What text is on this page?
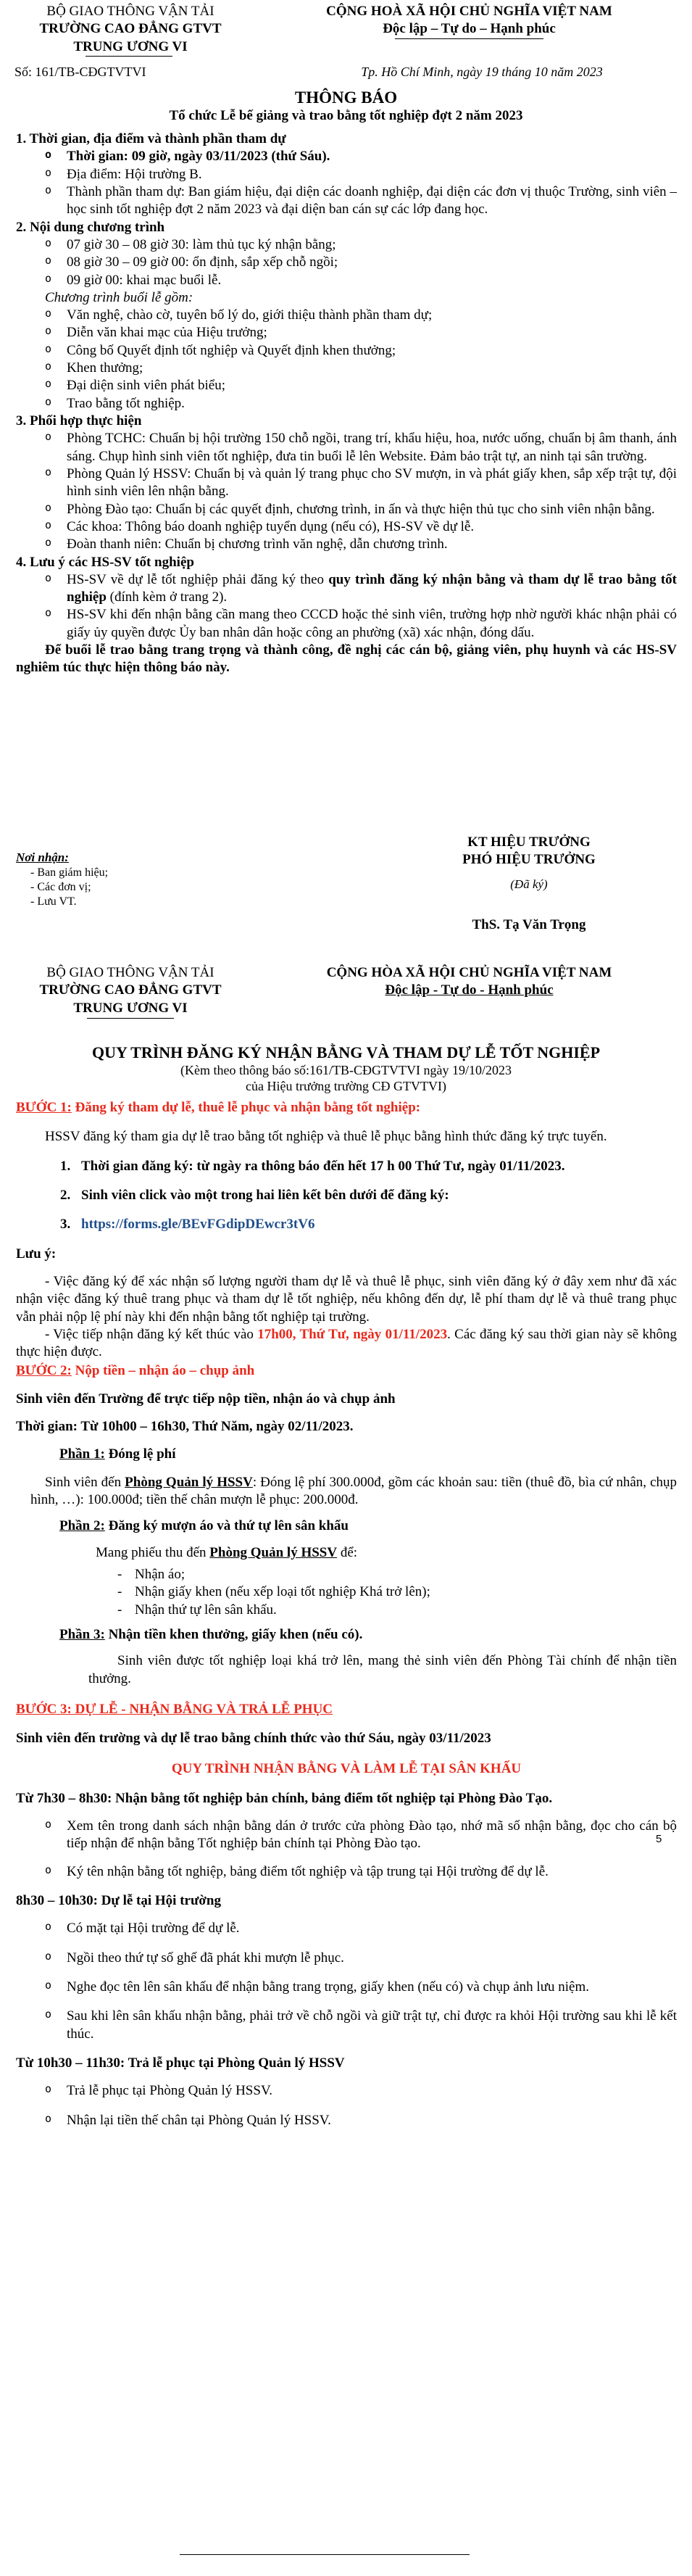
BỘ GIAO THÔNG VẬN TẢI
TRƯỜNG CAO ĐẲNG GTVT
TRUNG ƯƠNG VI
Số: 161/TB-CĐGTVTVI
CỘNG HOÀ XÃ HỘI CHỦ NGHĨA VIỆT NAM
Độc lập – Tự do – Hạnh phúc
Tp. Hồ Chí Minh, ngày 19 tháng 10 năm 2023
THÔNG BÁO
Tổ chức Lễ bế giảng và trao bằng tốt nghiệp đợt 2 năm 2023

1. Thời gian, địa điểm và thành phần tham dự

o Thời gian: 09 giờ, ngày 03/11/2023 (thứ Sáu).
o Địa điểm: Hội trường B.
o Thành phần tham dự: Ban giám hiệu, đại diện các doanh nghiệp, đại diện các đơn vị thuộc Trường, sinh viên – học sinh tốt nghiệp đợt 2 năm 2023 và đại diện ban cán sự các lớp đang học.

2. Nội dung chương trình

o 07 giờ 30 – 08 giờ 30: làm thủ tục ký nhận bằng;
o 08 giờ 30 – 09 giờ 00: ổn định, sắp xếp chỗ ngồi;
o 09 giờ 00: khai mạc buổi lễ.

Chương trình buổi lễ gồm:

o Văn nghệ, chào cờ, tuyên bố lý do, giới thiệu thành phần tham dự;
o Diễn văn khai mạc của Hiệu trưởng;
o Công bố Quyết định tốt nghiệp và Quyết định khen thưởng;
o Khen thưởng;
o Đại diện sinh viên phát biểu;
o Trao bằng tốt nghiệp.

3. Phối hợp thực hiện

o Phòng TCHC: Chuẩn bị hội trường 150 chỗ ngồi, trang trí, khẩu hiệu, hoa, nước uống, chuẩn bị âm thanh, ánh sáng. Chụp hình sinh viên tốt nghiệp, đưa tin buổi lễ lên Website. Đảm bảo trật tự, an ninh tại sân trường.
o Phòng Quản lý HSSV: Chuẩn bị và quản lý trang phục cho SV mượn, in và phát giấy khen, sắp xếp trật tự, đội hình sinh viên lên nhận bằng.
o Phòng Đào tạo: Chuẩn bị các quyết định, chương trình, in ấn và thực hiện thủ tục cho sinh viên nhận bằng.
o Các khoa: Thông báo doanh nghiệp tuyển dụng (nếu có), HS-SV về dự lễ.
o Đoàn thanh niên: Chuẩn bị chương trình văn nghệ, dẫn chương trình.

4. Lưu ý các HS-SV tốt nghiệp

o HS-SV về dự lễ tốt nghiệp phải đăng ký theo quy trình đăng ký nhận bằng và tham dự lễ trao bằng tốt nghiệp (đính kèm ở trang 2).
o HS-SV khi đến nhận bằng cần mang theo CCCD hoặc thẻ sinh viên, trường hợp nhờ người khác nhận phải có giấy ủy quyền được Ủy ban nhân dân hoặc công an phường (xã) xác nhận, đóng dấu.

Để buổi lễ trao bằng trang trọng và thành công, đề nghị các cán bộ, giảng viên, phụ huynh và các HS-SV nghiêm túc thực hiện thông báo này.

Nơi nhận:
- Ban giám hiệu;
- Các đơn vị;
- Lưu VT.
KT HIỆU TRƯỞNG
PHÓ HIỆU TRƯỞNG
(Đã ký)
ThS. Tạ Văn Trọng
BỘ GIAO THÔNG VẬN TẢI
TRƯỜNG CAO ĐẲNG GTVT
TRUNG ƯƠNG VI
CỘNG HÒA XÃ HỘI CHỦ NGHĨA VIỆT NAM
Độc lập - Tự do - Hạnh phúc
QUY TRÌNH ĐĂNG KÝ NHẬN BẰNG VÀ THAM DỰ LỄ TỐT NGHIỆP
(Kèm theo thông báo số:161/TB-CĐGTVTVI ngày 19/10/2023
của Hiệu trưởng trường CĐ GTVTVI)

BƯỚC 1: Đăng ký tham dự lễ, thuê lễ phục và nhận bằng tốt nghiệp:

HSSV đăng ký tham gia dự lễ trao bằng tốt nghiệp và thuê lễ phục bằng hình thức đăng ký trực tuyến.

1. Thời gian đăng ký: từ ngày ra thông báo đến hết 17 h 00 Thứ Tư, ngày 01/11/2023.
2. Sinh viên click vào một trong hai liên kết bên dưới để đăng ký:
3. https://forms.gle/BEvFGdipDEwcr3tV6

Lưu ý:

- Việc đăng ký để xác nhận số lượng người tham dự lễ và thuê lễ phục, sinh viên đăng ký ở đây xem như đã xác nhận việc đăng ký thuê trang phục và tham dự lễ tốt nghiệp, nếu không đến dự, lễ phí tham dự lễ và thuê trang phục vẫn phải nộp lệ phí này khi đến nhận bằng tốt nghiệp tại trường.

- Việc tiếp nhận đăng ký kết thúc vào 17h00, Thứ Tư, ngày 01/11/2023. Các đăng ký sau thời gian này sẽ không thực hiện được.

BƯỚC 2: Nộp tiền – nhận áo – chụp ảnh

Sinh viên đến Trường để trực tiếp nộp tiền, nhận áo và chụp ảnh

Thời gian: Từ 10h00 – 16h30, Thứ Năm, ngày 02/11/2023.

Phần 1: Đóng lệ phí

Sinh viên đến Phòng Quản lý HSSV: Đóng lệ phí 300.000đ, gồm các khoản sau: tiền (thuê đồ, bìa cứ nhân, chụp hình, …): 100.000đ; tiền thế chân mượn lễ phục: 200.000đ.

Phần 2: Đăng ký mượn áo và thứ tự lên sân khấu

Mang phiếu thu đến Phòng Quản lý HSSV để:

- Nhận áo;
- Nhận giấy khen (nếu xếp loại tốt nghiệp Khá trở lên);
- Nhận thứ tự lên sân khấu.

Phần 3: Nhận tiền khen thưởng, giấy khen (nếu có).

Sinh viên được tốt nghiệp loại khá trở lên, mang thẻ sinh viên đến Phòng Tài chính để nhận tiền thưởng.

BƯỚC 3: DỰ LỄ - NHẬN BẰNG VÀ TRẢ LỄ PHỤC

Sinh viên đến trường và dự lễ trao bằng chính thức vào thứ Sáu, ngày 03/11/2023

QUY TRÌNH NHẬN BẰNG VÀ LÀM LỄ TẠI SÂN KHẤU

Từ 7h30 – 8h30: Nhận bằng tốt nghiệp bản chính, bảng điểm tốt nghiệp tại Phòng Đào Tạo.

o Xem tên trong danh sách nhận bằng dán ở trước cửa phòng Đào tạo, nhớ mã số nhận bằng, đọc cho cán bộ tiếp nhận để nhận bằng Tốt nghiệp bản chính tại Phòng Đào tạo.
o Ký tên nhận bằng tốt nghiệp, bảng điểm tốt nghiệp và tập trung tại Hội trường để dự lễ.

8h30 – 10h30: Dự lễ tại Hội trường

o Có mặt tại Hội trường để dự lễ.
o Ngồi theo thứ tự số ghế đã phát khi mượn lễ phục.
o Nghe đọc tên lên sân khấu để nhận bằng trang trọng, giấy khen (nếu có) và chụp ảnh lưu niệm.
o Sau khi lên sân khấu nhận bằng, phải trở về chỗ ngồi và giữ trật tự, chỉ được ra khỏi Hội trường sau khi lễ kết thúc.

Từ 10h30 – 11h30: Trả lễ phục tại Phòng Quản lý HSSV

o Trả lễ phục tại Phòng Quản lý HSSV.
o Nhận lại tiền thế chân tại Phòng Quản lý HSSV.
5
